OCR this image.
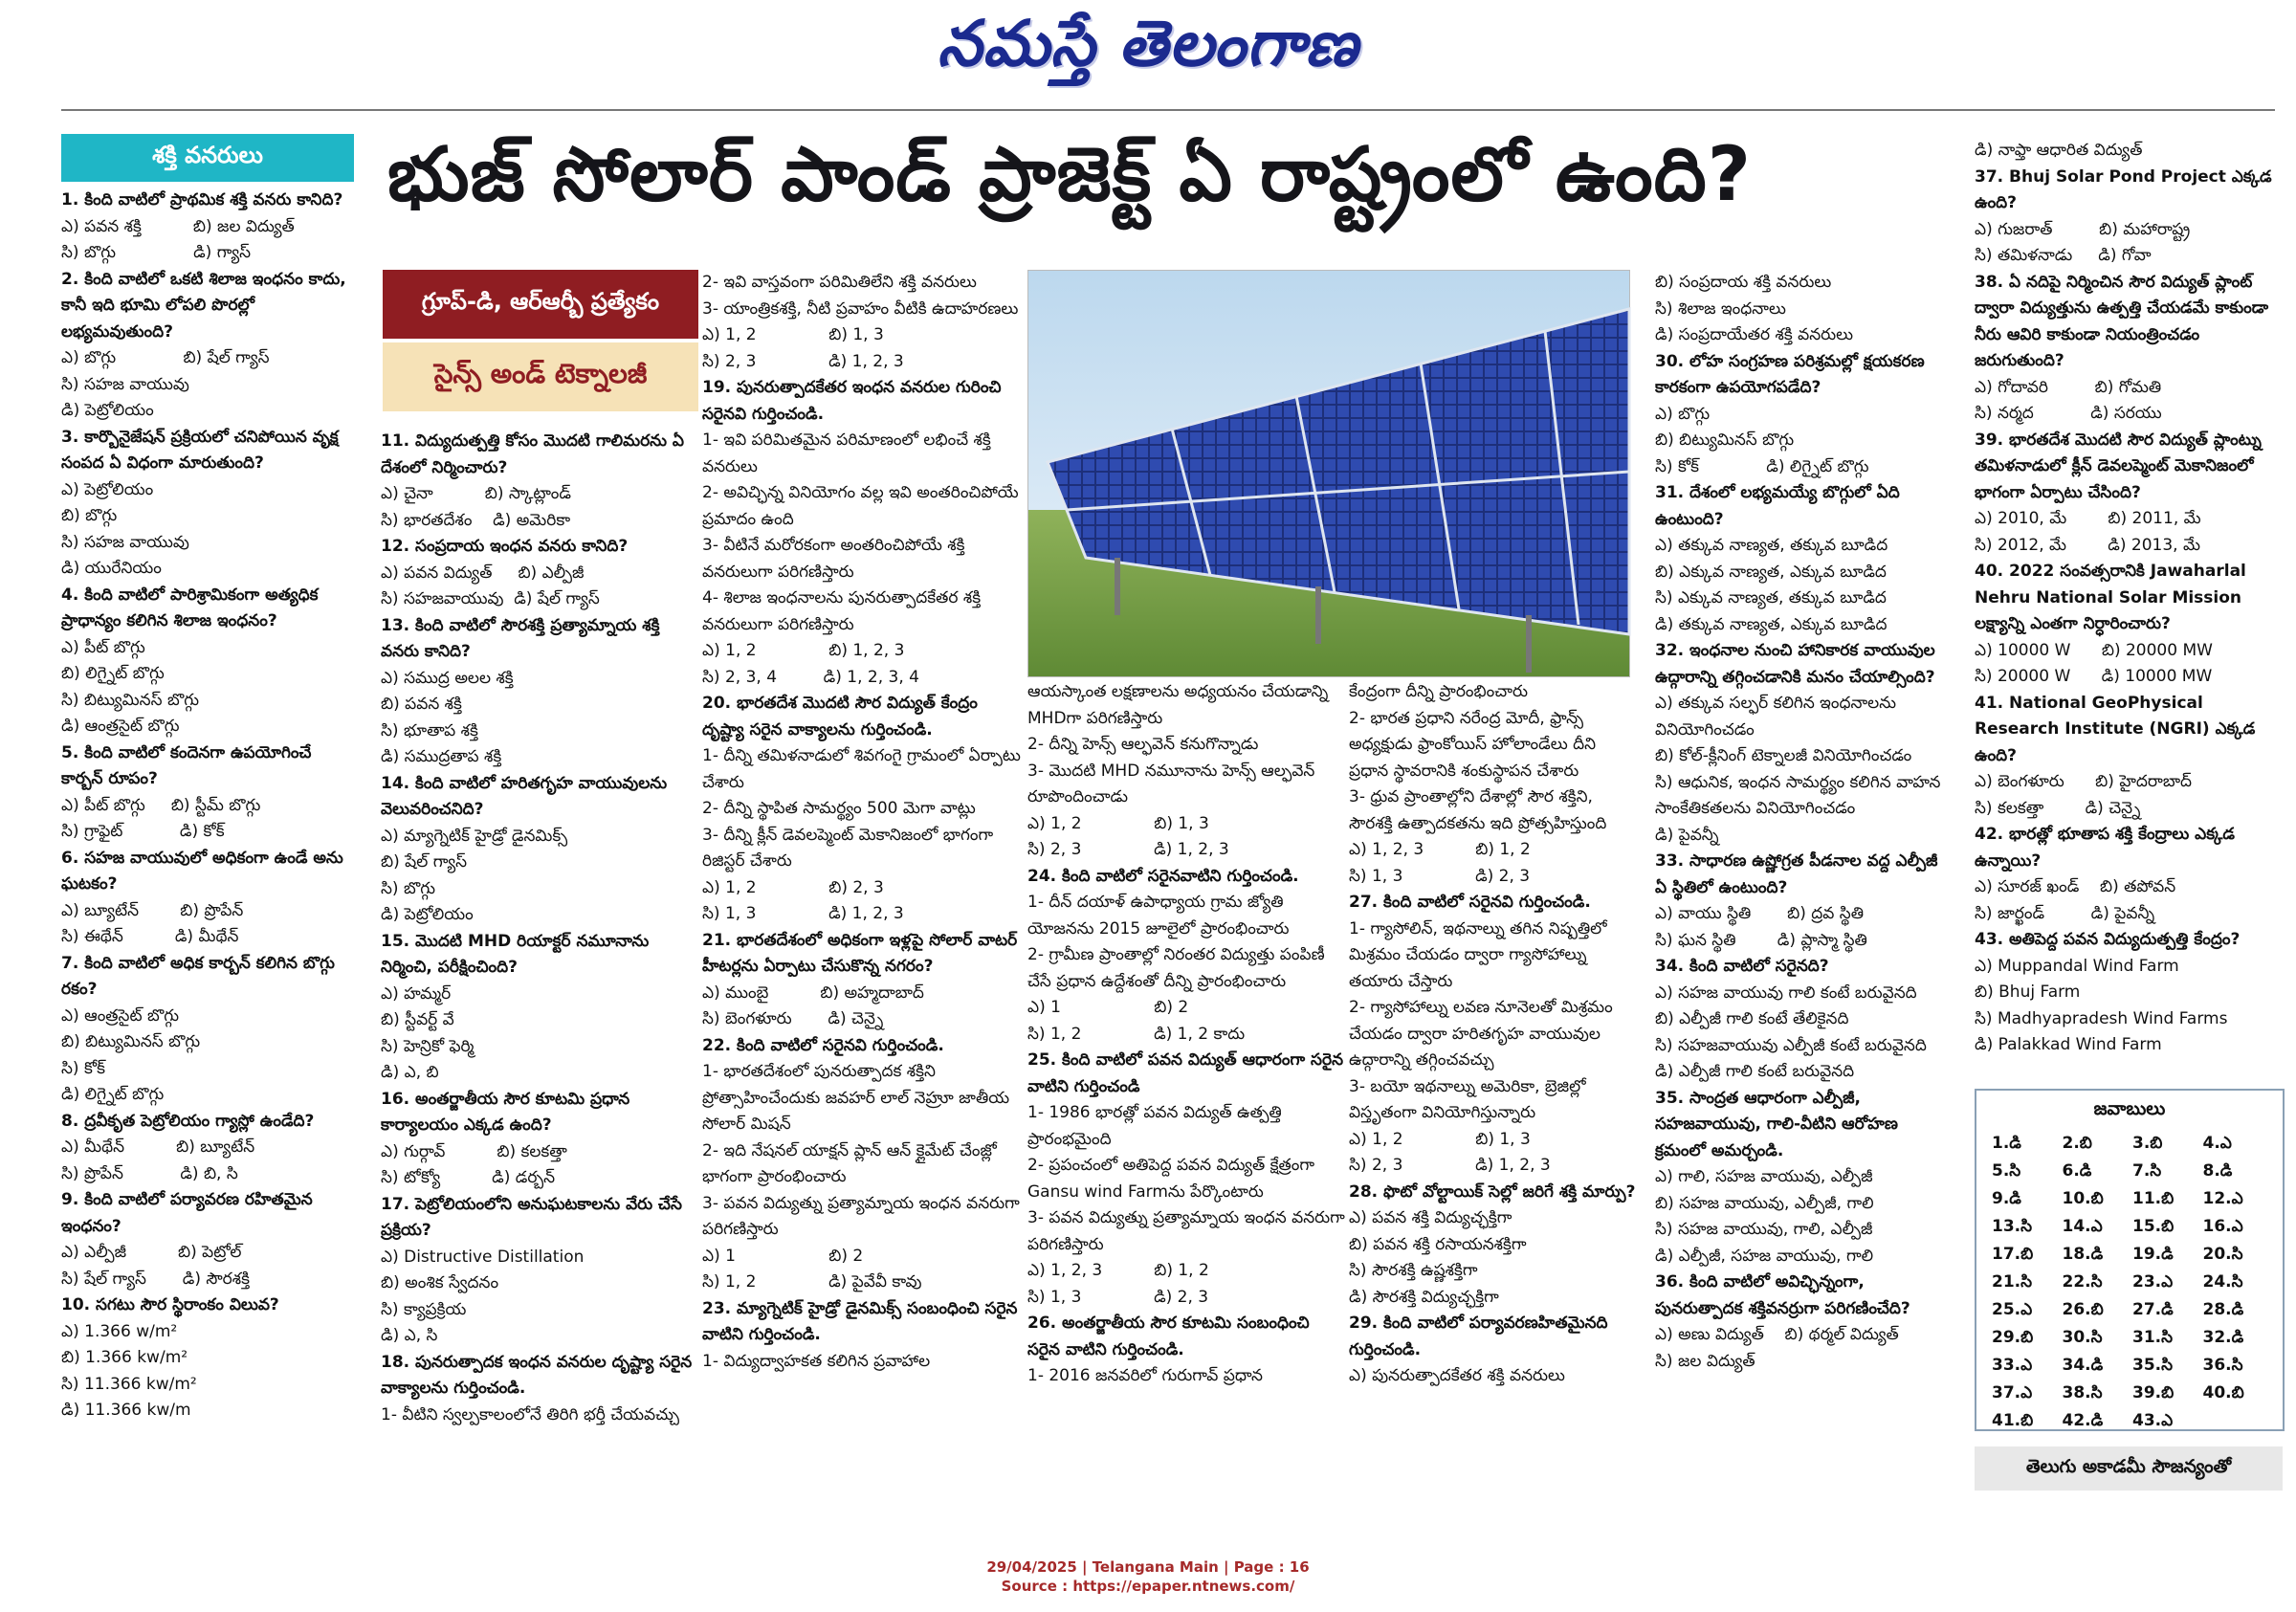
నమస్తే తెలంగాణ
భుజ్ సోలార్ పాండ్ ప్రాజెక్ట్ ఏ రాష్ట్రంలో ఉంది?
శక్తి వనరులు
గ్రూప్-డి, ఆర్ఆర్బీ ప్రత్యేకం
సైన్స్ అండ్ టెక్నాలజీ

1. కింది వాటిలో ప్రాథమిక శక్తి వనరు కానిది?

ఎ) పవన శక్తి          బి) జల విద్యుత్

సి) బొగ్గు               డి) గ్యాస్

2. కింది వాటిలో ఒకటి శిలాజ ఇంధనం కాదు, కానీ ఇది భూమి లోపలి పొరల్లో లభ్యమవుతుంది?

ఎ) బొగ్గు             బి) షేల్ గ్యాస్

సి) సహజ వాయువు

డి) పెట్రోలియం

3. కార్బొనైజేషన్ ప్రక్రియలో చనిపోయిన వృక్ష సంపద ఏ విధంగా మారుతుంది?

ఎ) పెట్రోలియం

బి) బొగ్గు

సి) సహజ వాయువు

డి) యురేనియం

4. కింది వాటిలో పారిశ్రామికంగా అత్యధిక ప్రాధాన్యం కలిగిన శిలాజ ఇంధనం?

ఎ) పీట్ బొగ్గు

బి) లిగ్నైట్ బొగ్గు

సి) బిట్యుమినస్ బొగ్గు

డి) ఆంత్రసైట్ బొగ్గు

5. కింది వాటిలో కందెనగా ఉపయోగించే కార్బన్ రూపం?

ఎ) పీట్ బొగ్గు     బి) స్టీమ్ బొగ్గు

సి) గ్రాఫైట్           డి) కోక్

6. సహజ వాయువులో అధికంగా ఉండే అను ఘటకం?

ఎ) బ్యూటేన్        బి) ప్రొపేన్

సి) ఈథేన్          డి) మీథేన్

7. కింది వాటిలో అధిక కార్బన్ కలిగిన బొగ్గు రకం?

ఎ) ఆంత్రసైట్ బొగ్గు

బి) బిట్యుమినస్ బొగ్గు

సి) కోక్

డి) లిగ్నైట్ బొగ్గు

8. ద్రవీకృత పెట్రోలియం గ్యాస్లో ఉండేది?

ఎ) మీథేన్          బి) బ్యూటేన్

సి) ప్రొపేన్           డి) బి, సి

9. కింది వాటిలో పర్యావరణ రహితమైన ఇంధనం?

ఎ) ఎల్పీజీ          బి) పెట్రోల్

సి) షేల్ గ్యాస్       డి) సౌరశక్తి

10. సగటు సౌర స్థిరాంకం విలువ?

ఎ) 1.366 w/m²

బి) 1.366 kw/m²

సి) 11.366 kw/m²

డి) 11.366 kw/m

11. విద్యుదుత్పత్తి కోసం మొదటి గాలిమరను ఏ దేశంలో నిర్మించారు?

ఎ) చైనా          బి) స్కాట్లాండ్

సి) భారతదేశం    డి) అమెరికా

12. సంప్రదాయ ఇంధన వనరు కానిది?

ఎ) పవన విద్యుత్     బి) ఎల్పీజీ

సి) సహజవాయువు  డి) షేల్ గ్యాస్

13. కింది వాటిలో సౌరశక్తి ప్రత్యామ్నాయ శక్తి వనరు కానిది?

ఎ) సముద్ర అలల శక్తి

బి) పవన శక్తి

సి) భూతాప శక్తి

డి) సముద్రతాప శక్తి

14. కింది వాటిలో హరితగృహ వాయువులను వెలువరించనిది?

ఎ) మ్యాగ్నెటిక్ హైడ్రో డైనమిక్స్

బి) షేల్ గ్యాస్

సి) బొగ్గు

డి) పెట్రోలియం

15. మొదటి MHD రియాక్టర్ నమూనాను నిర్మించి, పరీక్షించింది?

ఎ) హమ్మర్

బి) స్టీవర్ట్ వే

సి) హెన్రికో ఫెర్మి

డి) ఎ, బి

16. అంతర్జాతీయ సౌర కూటమి ప్రధాన కార్యాలయం ఎక్కడ ఉంది?

ఎ) గుర్గావ్          బి) కలకత్తా

సి) టోక్యో          డి) డర్బన్

17. పెట్రోలియంలోని అనుఘటకాలను వేరు చేసే ప్రక్రియ?

ఎ) Distructive Distillation

బి) అంశిక స్వేదనం

సి) క్యాప్రక్రియ

డి) ఎ, సి

18. పునరుత్పాదక ఇంధన వనరుల దృష్ట్యా సరైన వాక్యాలను గుర్తించండి.

1- వీటిని స్వల్పకాలంలోనే తిరిగి భర్తీ చేయవచ్చు

2- ఇవి వాస్తవంగా పరిమితిలేని శక్తి వనరులు

3- యాంత్రికశక్తి, నీటి ప్రవాహం వీటికి ఉదాహరణలు

ఎ) 1, 2              బి) 1, 3

సి) 2, 3              డి) 1, 2, 3

19. పునరుత్పాదకేతర ఇంధన వనరుల గురించి సరైనవి గుర్తించండి.

1- ఇవి పరిమితమైన పరిమాణంలో లభించే శక్తి వనరులు

2- అవిచ్ఛిన్న వినియోగం వల్ల ఇవి అంతరించిపోయే ప్రమాదం ఉంది

3- వీటినే మరోరకంగా అంతరించిపోయే శక్తి వనరులుగా పరిగణిస్తారు

4- శిలాజ ఇంధనాలను పునరుత్పాదకేతర శక్తి వనరులుగా పరిగణిస్తారు

ఎ) 1, 2              బి) 1, 2, 3

సి) 2, 3, 4         డి) 1, 2, 3, 4

20. భారతదేశ మొదటి సౌర విద్యుత్ కేంద్రం దృష్ట్యా సరైన వాక్యాలను గుర్తించండి.

1- దీన్ని తమిళనాడులో శివగంగై గ్రామంలో ఏర్పాటు చేశారు

2- దీన్ని స్థాపిత సామర్థ్యం 500 మెగా వాట్లు

3- దీన్ని క్లీన్ డెవలప్మెంట్ మెకానిజంలో భాగంగా రిజిస్టర్ చేశారు

ఎ) 1, 2              బి) 2, 3

సి) 1, 3              డి) 1, 2, 3

21. భారతదేశంలో అధికంగా ఇళ్లపై సోలార్ వాటర్ హీటర్లను ఏర్పాటు చేసుకొన్న నగరం?

ఎ) ముంబై          బి) అహ్మదాబాద్

సి) బెంగళూరు       డి) చెన్నై

22. కింది వాటిలో సరైనవి గుర్తించండి.

1- భారతదేశంలో పునరుత్పాదక శక్తిని ప్రోత్సాహించేందుకు జవహర్ లాల్ నెహ్రూ జాతీయ సోలార్ మిషన్

2- ఇది నేషనల్ యాక్షన్ ప్లాన్ ఆన్ క్లైమేట్ చేంజ్లో భాగంగా ప్రారంభించారు

3- పవన విద్యుత్ను ప్రత్యామ్నాయ ఇంధన వనరుగా పరిగణిస్తారు

ఎ) 1                  బి) 2

సి) 1, 2              డి) పైవేవీ కావు

23. మ్యాగ్నెటిక్ హైడ్రో డైనమిక్స్ సంబంధించి సరైన వాటిని గుర్తించండి.

1- విద్యుద్వాహకత కలిగిన ప్రవాహాల

ఆయస్కాంత లక్షణాలను అధ్యయనం చేయడాన్ని MHDగా పరిగణిస్తారు

2- దీన్ని హెన్స్ ఆల్ఫవెన్ కనుగొన్నాడు

3- మొదటి MHD నమూనాను హెన్స్ ఆల్ఫవెన్ రూపొందించాడు

ఎ) 1, 2              బి) 1, 3

సి) 2, 3              డి) 1, 2, 3

24. కింది వాటిలో సరైనవాటిని గుర్తించండి.

1- దీన్ దయాళ్ ఉపాధ్యాయ గ్రామ జ్యోతి యోజనను 2015 జూలైలో ప్రారంభించారు

2- గ్రామీణ ప్రాంతాల్లో నిరంతర విద్యుత్తు పంపిణీ చేసే ప్రధాన ఉద్దేశంతో దీన్ని ప్రారంభించారు

ఎ) 1                  బి) 2

సి) 1, 2              డి) 1, 2 కాదు

25. కింది వాటిలో పవన విద్యుత్ ఆధారంగా సరైన వాటిని గుర్తించండి

1- 1986 భారత్లో పవన విద్యుత్ ఉత్పత్తి ప్రారంభమైంది

2- ప్రపంచంలో అతిపెద్ద పవన విద్యుత్ క్షేత్రంగా Gansu wind Farmను పేర్కొంటారు

3- పవన విద్యుత్ను ప్రత్యామ్నాయ ఇంధన వనరుగా పరిగణిస్తారు

ఎ) 1, 2, 3          బి) 1, 2

సి) 1, 3              డి) 2, 3

26. అంతర్జాతీయ సౌర కూటమి సంబంధించి సరైన వాటిని గుర్తించండి.

1- 2016 జనవరిలో గురుగావ్ ప్రధాన

కేంద్రంగా దీన్ని ప్రారంభించారు

2- భారత ప్రధాని నరేంద్ర మోదీ, ఫ్రాన్స్ అధ్యక్షుడు ఫ్రాంకోయిస్ హోలాండేలు దీని ప్రధాన స్థావరానికి శంకుస్థాపన చేశారు

3- ధ్రువ ప్రాంతాల్లోని దేశాల్లో సౌర శక్తిని, సౌరశక్తి ఉత్పాదకతను ఇది ప్రోత్సహిస్తుంది

ఎ) 1, 2, 3          బి) 1, 2

సి) 1, 3              డి) 2, 3

27. కింది వాటిలో సరైనవి గుర్తించండి.

1- గ్యాసోలిన్, ఇథనాల్ను తగిన నిష్పత్తిలో మిశ్రమం చేయడం ద్వారా గ్యాసోహాల్ను తయారు చేస్తారు

2- గ్యాసోహాల్ను లవణ నూనెలతో మిశ్రమం చేయడం ద్వారా హరితగృహ వాయువుల ఉద్గారాన్ని తగ్గించవచ్చు

3- బయో ఇథనాల్ను అమెరికా, బ్రెజిల్లో విస్తృతంగా వినియోగిస్తున్నారు

ఎ) 1, 2              బి) 1, 3

సి) 2, 3              డి) 1, 2, 3

28. ఫొటో వోల్టాయిక్ సెల్లో జరిగే శక్తి మార్పు?

ఎ) పవన శక్తి విద్యుచ్ఛక్తిగా

బి) పవన శక్తి రసాయనశక్తిగా

సి) సౌరశక్తి ఉష్ణశక్తిగా

డి) సౌరశక్తి విద్యుచ్ఛక్తిగా

29. కింది వాటిలో పర్యావరణహితమైనది గుర్తించండి.

ఎ) పునరుత్పాదకేతర శక్తి వనరులు

బి) సంప్రదాయ శక్తి వనరులు

సి) శిలాజ ఇంధనాలు

డి) సంప్రదాయేతర శక్తి వనరులు

30. లోహ సంగ్రహణ పరిశ్రమల్లో క్షయకరణ కారకంగా ఉపయోగపడేది?

ఎ) బొగ్గు

బి) బిట్యుమినస్ బొగ్గు

సి) కోక్             డి) లిగ్నైట్ బొగ్గు

31. దేశంలో లభ్యమయ్యే బొగ్గులో ఏది ఉంటుంది?

ఎ) తక్కువ నాణ్యత, తక్కువ బూడిద

బి) ఎక్కువ నాణ్యత, ఎక్కువ బూడిద

సి) ఎక్కువ నాణ్యత, తక్కువ బూడిద

డి) తక్కువ నాణ్యత, ఎక్కువ బూడిద

32. ఇంధనాల నుంచి హానికారక వాయువుల ఉద్గారాన్ని తగ్గించడానికి మనం చేయాల్సింది?

ఎ) తక్కువ సల్ఫర్ కలిగిన ఇంధనాలను వినియోగించడం

బి) కోల్-క్లీనింగ్ టెక్నాలజీ వినియోగించడం

సి) ఆధునిక, ఇంధన సామర్థ్యం కలిగిన వాహన సాంకేతికతలను వినియోగించడం

డి) పైవన్నీ

33. సాధారణ ఉష్ణోగ్రత పీడనాల వద్ద ఎల్పీజీ ఏ స్థితిలో ఉంటుంది?

ఎ) వాయు స్థితి       బి) ద్రవ స్థితి

సి) ఘన స్థితి        డి) ప్లాస్మా స్థితి

34. కింది వాటిలో సరైనది?

ఎ) సహజ వాయువు గాలి కంటే బరువైనది

బి) ఎల్పీజీ గాలి కంటే తేలికైనది

సి) సహజవాయువు ఎల్పీజీ కంటే బరువైనది

డి) ఎల్పీజీ గాలి కంటే బరువైనది

35. సాంద్రత ఆధారంగా ఎల్పీజీ, సహజవాయువు, గాలి-వీటిని ఆరోహణ క్రమంలో అమర్చండి.

ఎ) గాలి, సహజ వాయువు, ఎల్పీజీ

బి) సహజ వాయువు, ఎల్పీజీ, గాలి

సి) సహజ వాయువు, గాలి, ఎల్పీజీ

డి) ఎల్పీజీ, సహజ వాయువు, గాలి

36. కింది వాటిలో అవిచ్ఛిన్నంగా, పునరుత్పాదక శక్తివనర్రుగా పరిగణించేది?

ఎ) అణు విద్యుత్    బి) థర్మల్ విద్యుత్

సి) జల విద్యుత్

డి) నాఫ్తా ఆధారిత విద్యుత్

37. Bhuj Solar Pond Project ఎక్కడ ఉంది?

ఎ) గుజరాత్         బి) మహారాష్ట్ర

సి) తమిళనాడు     డి) గోవా

38. ఏ నదిపై నిర్మించిన సౌర విద్యుత్ ప్లాంట్ ద్వారా విద్యుత్తును ఉత్పత్తి చేయడమే కాకుండా నీరు ఆవిరి కాకుండా నియంత్రించడం జరుగుతుంది?

ఎ) గోదావరి         బి) గోమతి

సి) నర్మద           డి) సరయు

39. భారతదేశ మొదటి సౌర విద్యుత్ ప్లాంట్ను తమిళనాడులో క్లీన్ డెవలప్మెంట్ మెకానిజంలో భాగంగా ఏర్పాటు చేసింది?

ఎ) 2010, మే        బి) 2011, మే

సి) 2012, మే        డి) 2013, మే

40. 2022 సంవత్సరానికి Jawaharlal Nehru National Solar Mission లక్ష్యాన్ని ఎంతగా నిర్ధారించారు?

ఎ) 10000 W      బి) 20000 MW

సి) 20000 W      డి) 10000 MW

41. National GeoPhysical Research Institute (NGRI) ఎక్కడ ఉంది?

ఎ) బెంగళూరు      బి) హైదరాబాద్

సి) కలకత్తా        డి) చెన్నై

42. భారత్లో భూతాప శక్తి కేంద్రాలు ఎక్కడ ఉన్నాయి?

ఎ) సూరజ్ ఖండ్    బి) తపోవన్

సి) జార్ఖండ్         డి) పైవన్నీ

43. అతిపెద్ద పవన విద్యుదుత్పత్తి కేంద్రం?

ఎ) Muppandal Wind Farm

బి) Bhuj Farm

సి) Madhyapradesh Wind Farms

డి) Palakkad Wind Farm

జవాబులు
1.డి	2.బి	3.బి	4.ఎ
5.సి	6.డి	7.సి	8.డి
9.డి	10.బి	11.బి	12.ఎ
13.సి	14.ఎ	15.బి	16.ఎ
17.బి	18.డి	19.డి	20.సి
21.సి	22.సి	23.ఎ	24.సి
25.ఎ	26.బి	27.డి	28.డి
29.బి	30.సి	31.సి	32.డి
33.ఎ	34.డి	35.సి	36.సి
37.ఎ	38.సి	39.బి	40.బి
41.బి	42.డి	43.ఎ
తెలుగు అకాడమీ సౌజన్యంతో
29/04/2025 | Telangana Main | Page : 16
Source : https://epaper.ntnews.com/
